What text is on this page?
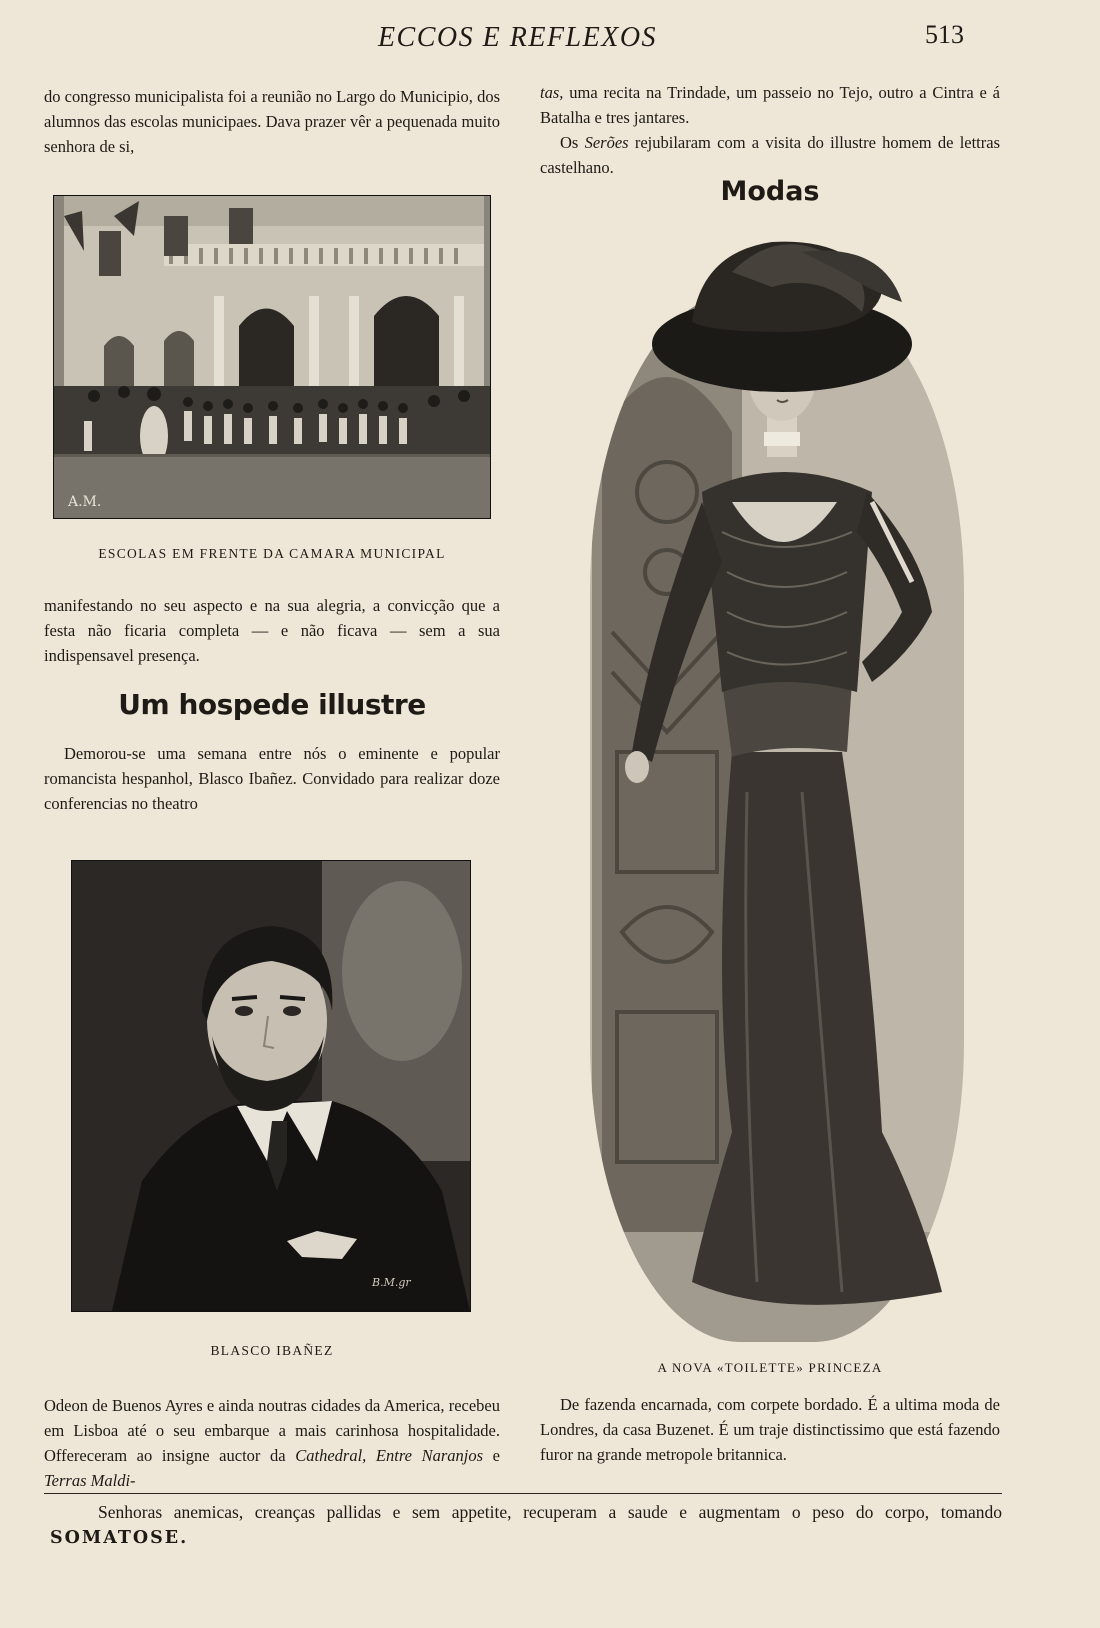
ECCOS E REFLEXOS	513

do congresso municipalista foi a reunião no Largo do Municipio, dos alumnos das escolas municipaes. Dava prazer vêr a pequenada muito senhora de si,

A.M.
ESCOLAS EM FRENTE DA CAMARA MUNICIPAL

manifestando no seu aspecto e na sua alegria, a convicção que a festa não ficaria completa — e não ficava — sem a sua indispensavel presença.

Um hospede illustre

Demorou-se uma semana entre nós o eminente e popular romancista hespanhol, Blasco Ibañez. Convidado para realizar doze conferencias no theatro

B.M.gr
BLASCO IBAÑEZ

Odeon de Buenos Ayres e ainda noutras cidades da America, recebeu em Lisboa até o seu embarque a mais carinhosa hospitalidade. Offereceram ao insigne auctor da Cathedral, Entre Naranjos e Terras Maldi-

tas, uma recita na Trindade, um passeio no Tejo, outro a Cintra e á Batalha e tres jantares.

Os Serões rejubilaram com a visita do illustre homem de lettras castelhano.

Modas
A NOVA «TOILETTE» PRINCEZA

De fazenda encarnada, com corpete bordado. É a ultima moda de Londres, da casa Buzenet. É um traje distinctissimo que está fazendo furor na grande metropole britannica.

Senhoras anemicas, creanças pallidas e sem appetite, recuperam a saude e augmentam o peso do corpo, tomando SOMATOSE.
